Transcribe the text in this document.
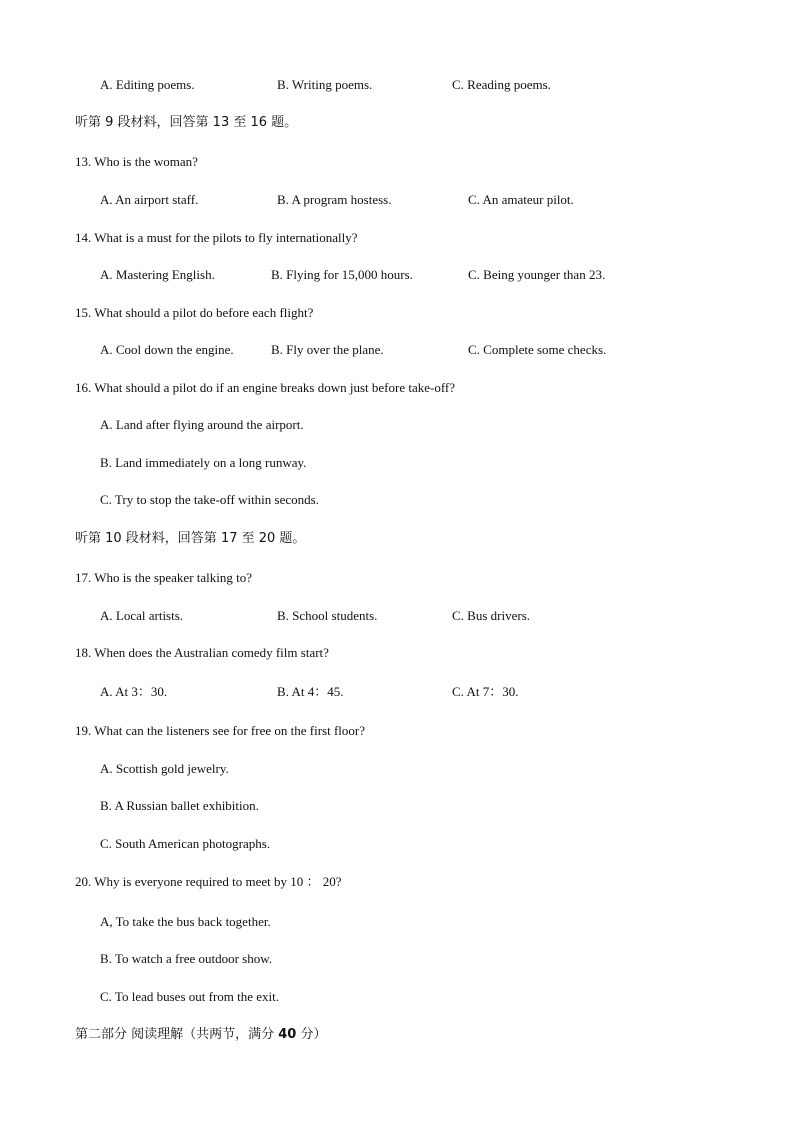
A. Editing poems.	B. Writing poems.	C. Reading poems.
听第 9 段材料，回答第 13 至 16 题。
13. Who is the woman?
A. An airport staff.	B. A program hostess.	C. An amateur pilot.
14. What is a must for the pilots to fly internationally?
A. Mastering English.	B. Flying for 15,000 hours.	C. Being younger than 23.
15. What should a pilot do before each flight?
A. Cool down the engine.	B. Fly over the plane.	C. Complete some checks.
16. What should a pilot do if an engine breaks down just before take-off?
A. Land after flying around the airport.
B. Land immediately on a long runway.
C. Try to stop the take-off within seconds.
听第 10 段材料，回答第 17 至 20 题。
17. Who is the speaker talking to?
A. Local artists.	B. School students.	C. Bus drivers.
18. When does the Australian comedy film start?
A. At 3：30.	B. At 4：45.	C. At 7：30.
19. What can the listeners see for free on the first floor?
A. Scottish gold jewelry.
B. A Russian ballet exhibition.
C. South American photographs.
20. Why is everyone required to meet by 10 ： 20?
A, To take the bus back together.
B. To watch a free outdoor show.
C. To lead buses out from the exit.
第二部分 阅读理解（共两节，满分 40 分）
